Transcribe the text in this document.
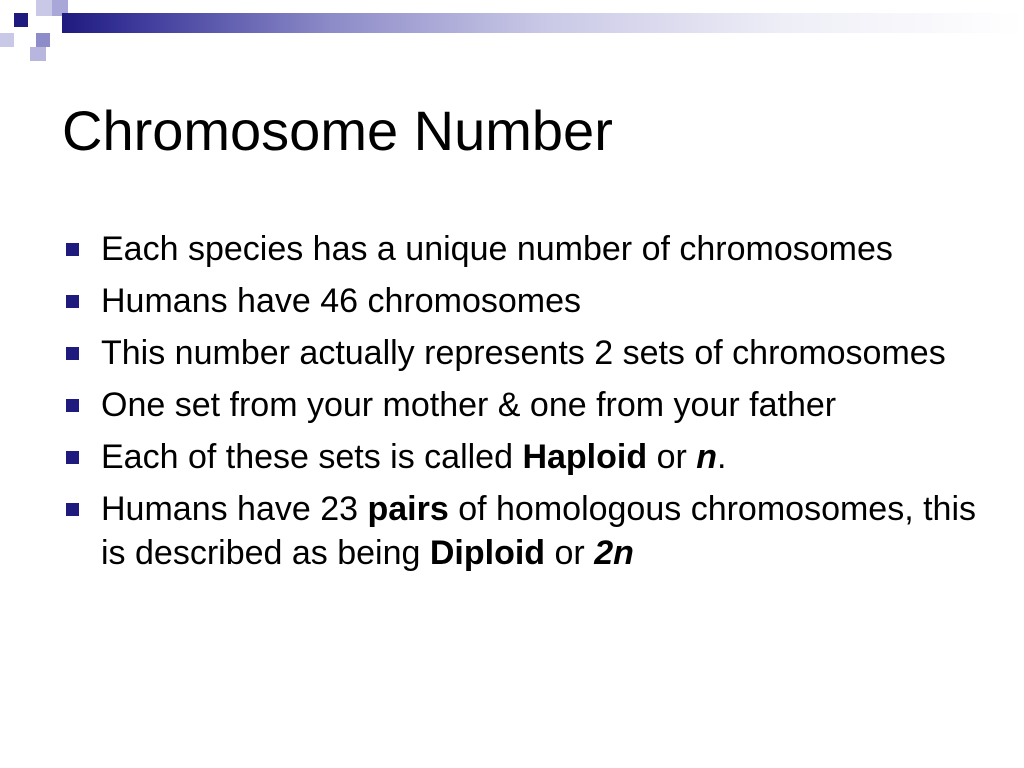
Chromosome Number
Each species has a unique number of chromosomes
Humans have 46 chromosomes
This number actually represents 2 sets of chromosomes
One set from your mother & one from your father
Each of these sets is called Haploid or n.
Humans have 23 pairs of homologous chromosomes, this is described as being Diploid or 2n
